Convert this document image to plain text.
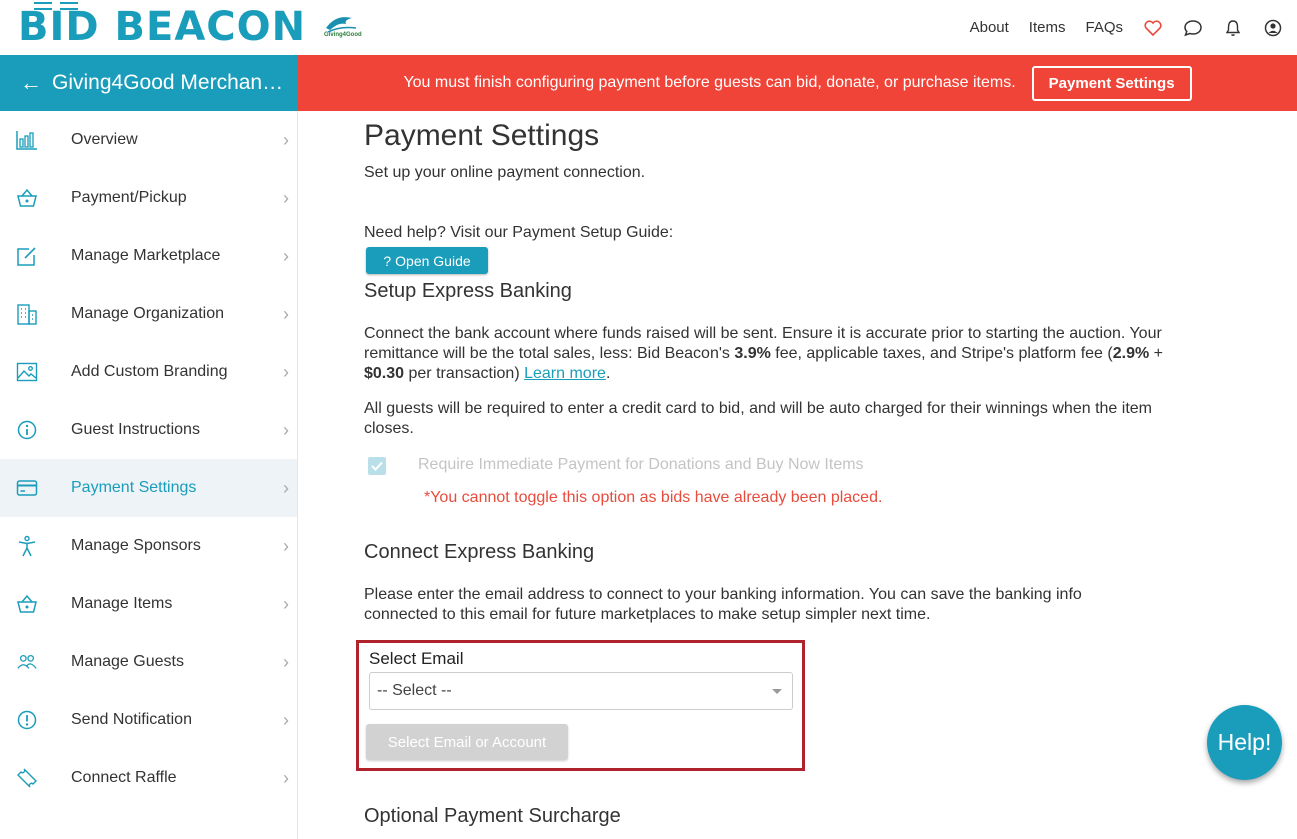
BID BEACON	Giving4Good	About Items FAQs
← Giving4Good Merchan…	You must finish configuring payment before guests can bid, donate, or purchase items.	Payment Settings
Overview	›
Payment/Pickup	›
Manage Marketplace	›
Manage Organization	›
Add Custom Branding	›
Guest Instructions	›
Payment Settings	›
Manage Sponsors	›
Manage Items	›
Manage Guests	›
Send Notification	›
Connect Raffle	›
Payment Settings
Set up your online payment connection.
Need help? Visit our Payment Setup Guide:
? Open Guide
Setup Express Banking
Connect the bank account where funds raised will be sent. Ensure it is accurate prior to starting the auction. Your remittance will be the total sales, less: Bid Beacon's 3.9% fee, applicable taxes, and Stripe's platform fee (2.9% + $0.30 per transaction) Learn more.
All guests will be required to enter a credit card to bid, and will be auto charged for their winnings when the item closes.
Require Immediate Payment for Donations and Buy Now Items
*You cannot toggle this option as bids have already been placed.
Connect Express Banking
Please enter the email address to connect to your banking information. You can save the banking info connected to this email for future marketplaces to make setup simpler next time.
Select Email
-- Select --
Select Email or Account
Optional Payment Surcharge
Help!
